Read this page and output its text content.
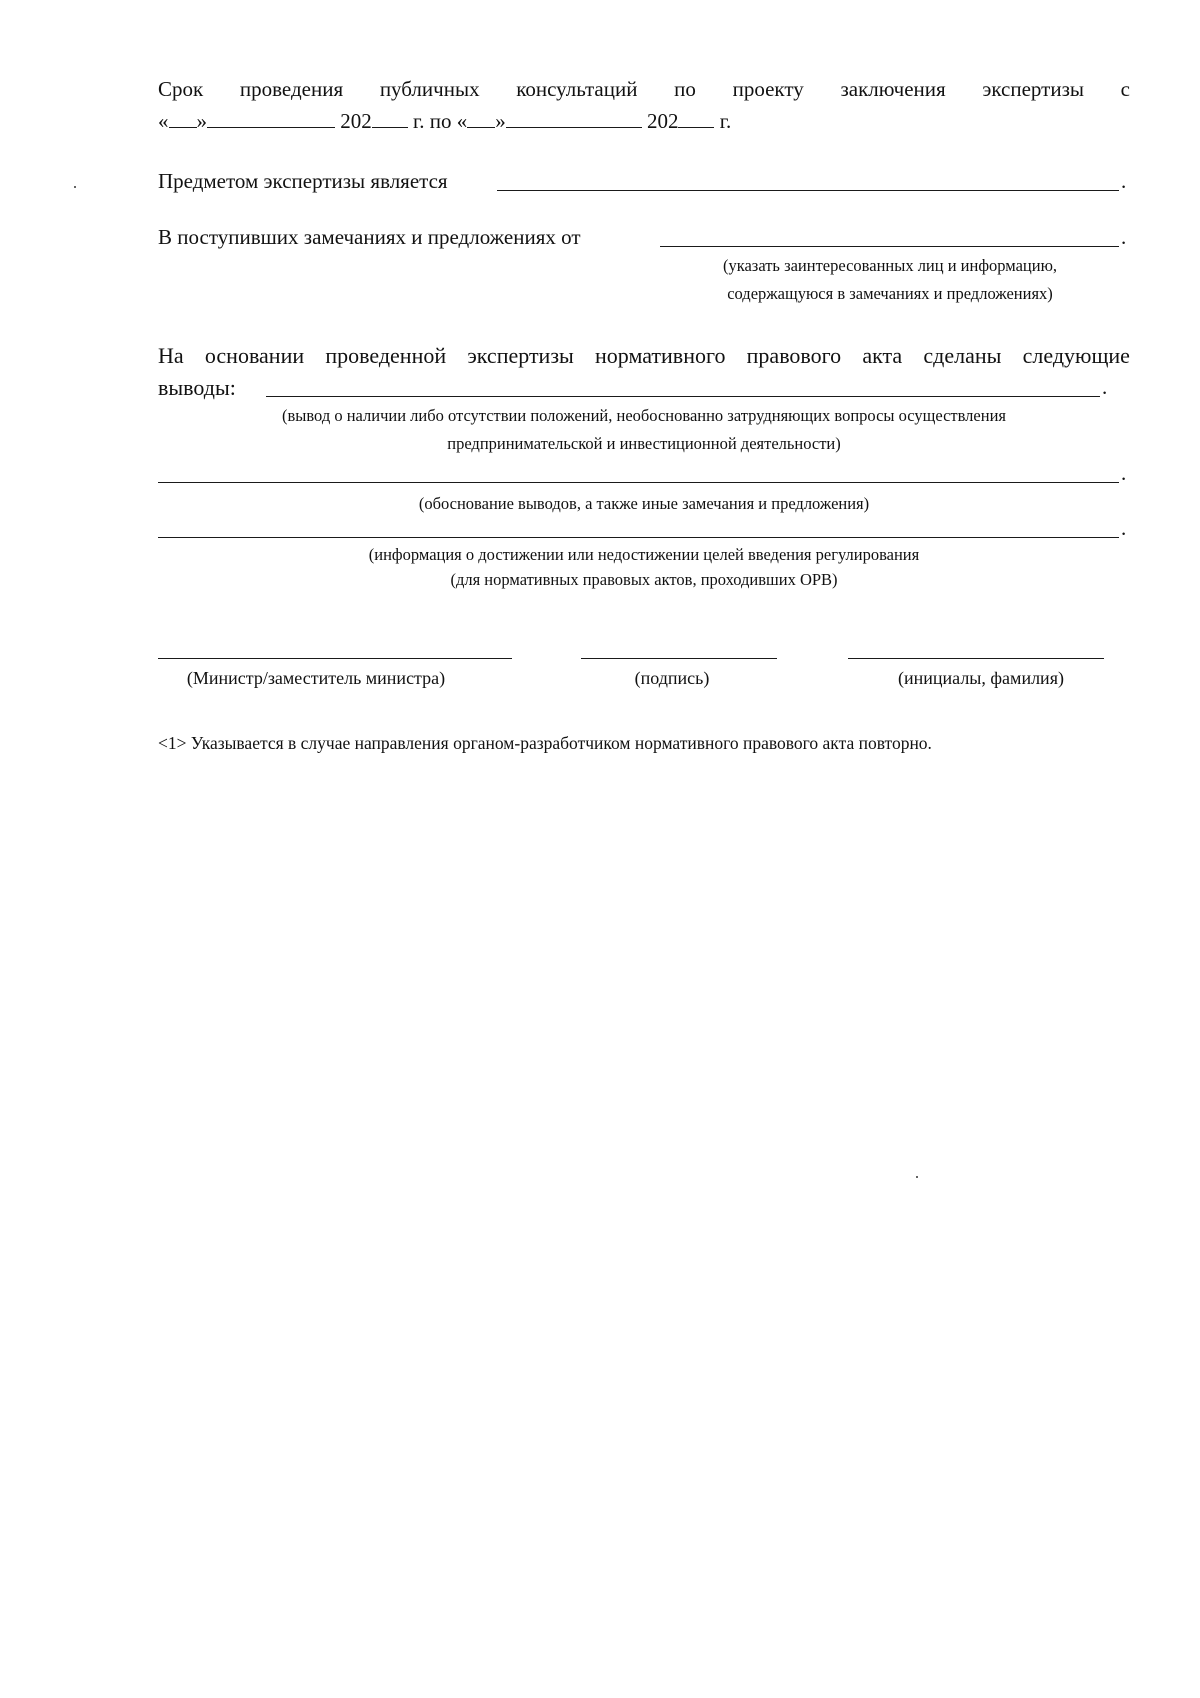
Срок проведения публичных консультаций по проекту заключения экспертизы с
« »	202 г. по « »	202 г.
Предметом экспертизы является	.
В поступивших замечаниях и предложениях от	.
(указать заинтересованных лиц и информацию,
содержащуюся в замечаниях и предложениях)
На основании проведенной экспертизы нормативного правового акта сделаны следующие
выводы:	.
(вывод о наличии либо отсутствии положений, необоснованно затрудняющих вопросы осуществления
предпринимательской и инвестиционной деятельности)
.
(обоснование выводов, а также иные замечания и предложения)
.
(информация о достижении или недостижении целей введения регулирования
(для нормативных правовых актов, проходивших ОРВ)
(Министр/заместитель министра)	(подпись)	(инициалы, фамилия)
<1> Указывается в случае направления органом-разработчиком нормативного правового акта повторно.
